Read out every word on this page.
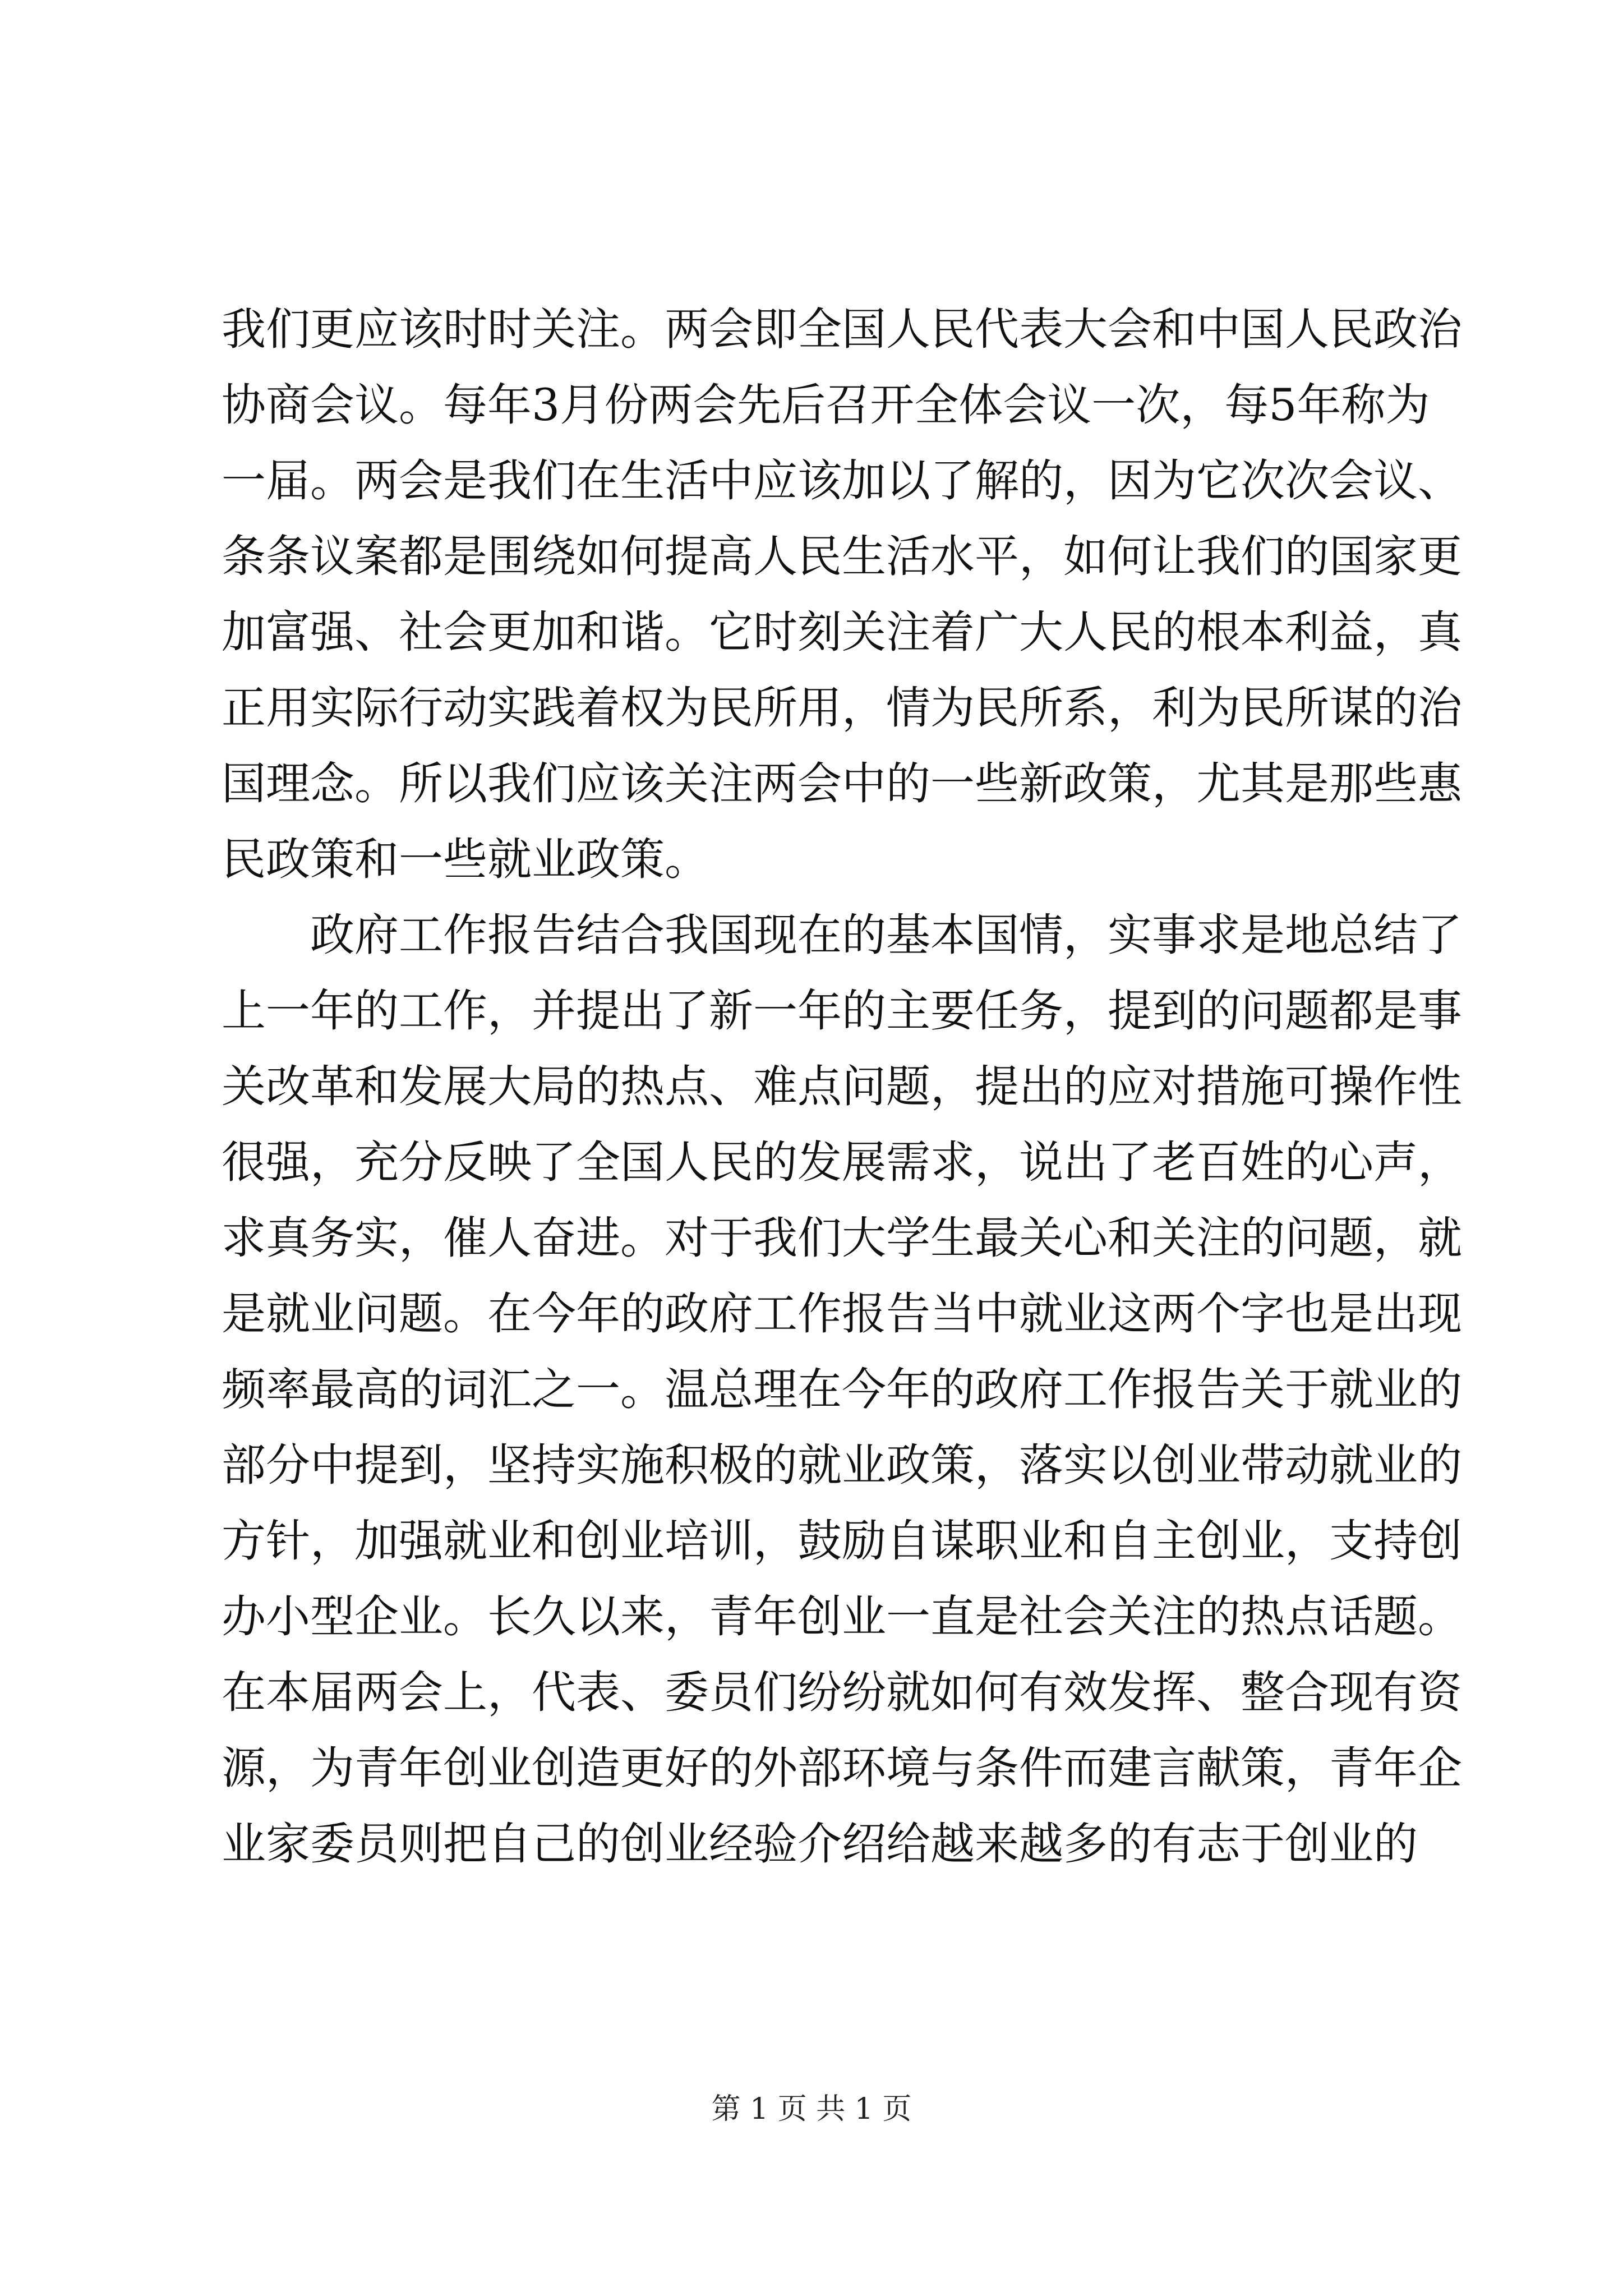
我们更应该时时关注。两会即全国人民代表大会和中国人民政治
协商会议。每年3月份两会先后召开全体会议一次，每5年称为
一届。两会是我们在生活中应该加以了解的，因为它次次会议、
条条议案都是围绕如何提高人民生活水平，如何让我们的国家更
加富强、社会更加和谐。它时刻关注着广大人民的根本利益，真
正用实际行动实践着权为民所用，情为民所系，利为民所谋的治
国理念。所以我们应该关注两会中的一些新政策，尤其是那些惠
民政策和一些就业政策。
政府工作报告结合我国现在的基本国情，实事求是地总结了
上一年的工作，并提出了新一年的主要任务，提到的问题都是事
关改革和发展大局的热点、难点问题，提出的应对措施可操作性
很强，充分反映了全国人民的发展需求，说出了老百姓的心声，
求真务实，催人奋进。对于我们大学生最关心和关注的问题，就
是就业问题。在今年的政府工作报告当中就业这两个字也是出现
频率最高的词汇之一。温总理在今年的政府工作报告关于就业的
部分中提到，坚持实施积极的就业政策，落实以创业带动就业的
方针，加强就业和创业培训，鼓励自谋职业和自主创业，支持创
办小型企业。长久以来，青年创业一直是社会关注的热点话题。
在本届两会上，代表、委员们纷纷就如何有效发挥、整合现有资
源，为青年创业创造更好的外部环境与条件而建言献策，青年企
业家委员则把自己的创业经验介绍给越来越多的有志于创业的
第 1 页 共 1 页
